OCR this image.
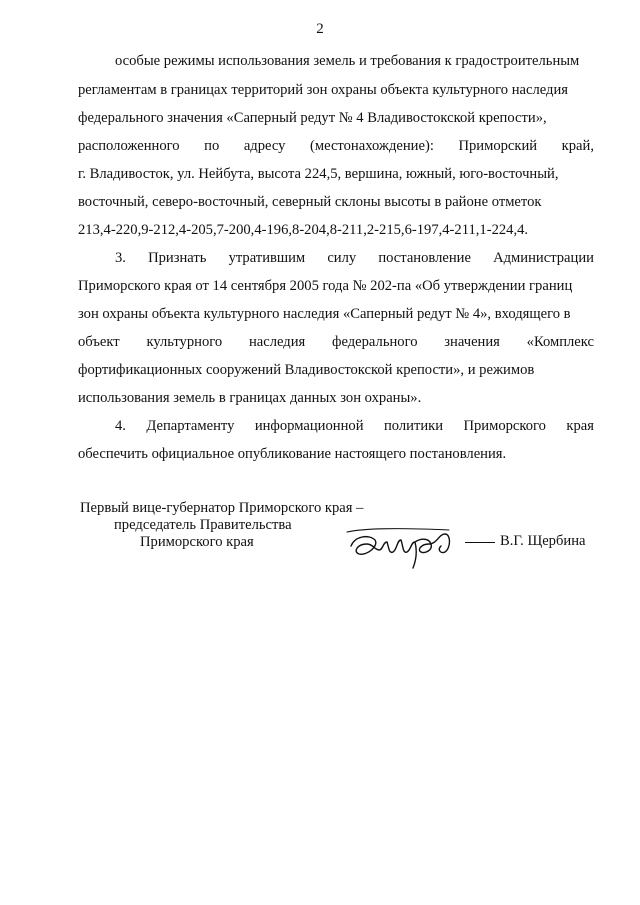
2
особые режимы использования земель и требования к градостроительным
регламентам в границах территорий зон охраны объекта культурного наследия
федерального значения «Саперный редут № 4 Владивостокской крепости»,
расположенного по адресу (местонахождение): Приморский край,
г. Владивосток, ул. Нейбута, высота 224,5, вершина, южный, юго-восточный,
восточный, северо-восточный, северный склоны высоты в районе отметок
213,4-220,9-212,4-205,7-200,4-196,8-204,8-211,2-215,6-197,4-211,1-224,4.
3. Признать утратившим силу постановление Администрации
Приморского края от 14 сентября 2005 года № 202-па «Об утверждении границ
зон охраны объекта культурного наследия «Саперный редут № 4», входящего в
объект культурного наследия федерального значения «Комплекс
фортификационных сооружений Владивостокской крепости», и режимов
использования земель в границах данных зон охраны».
4. Департаменту информационной политики Приморского края
обеспечить официальное опубликование настоящего постановления.
Первый вице-губернатор Приморского края –
председатель Правительства
Приморского края	В.Г. Щербина
